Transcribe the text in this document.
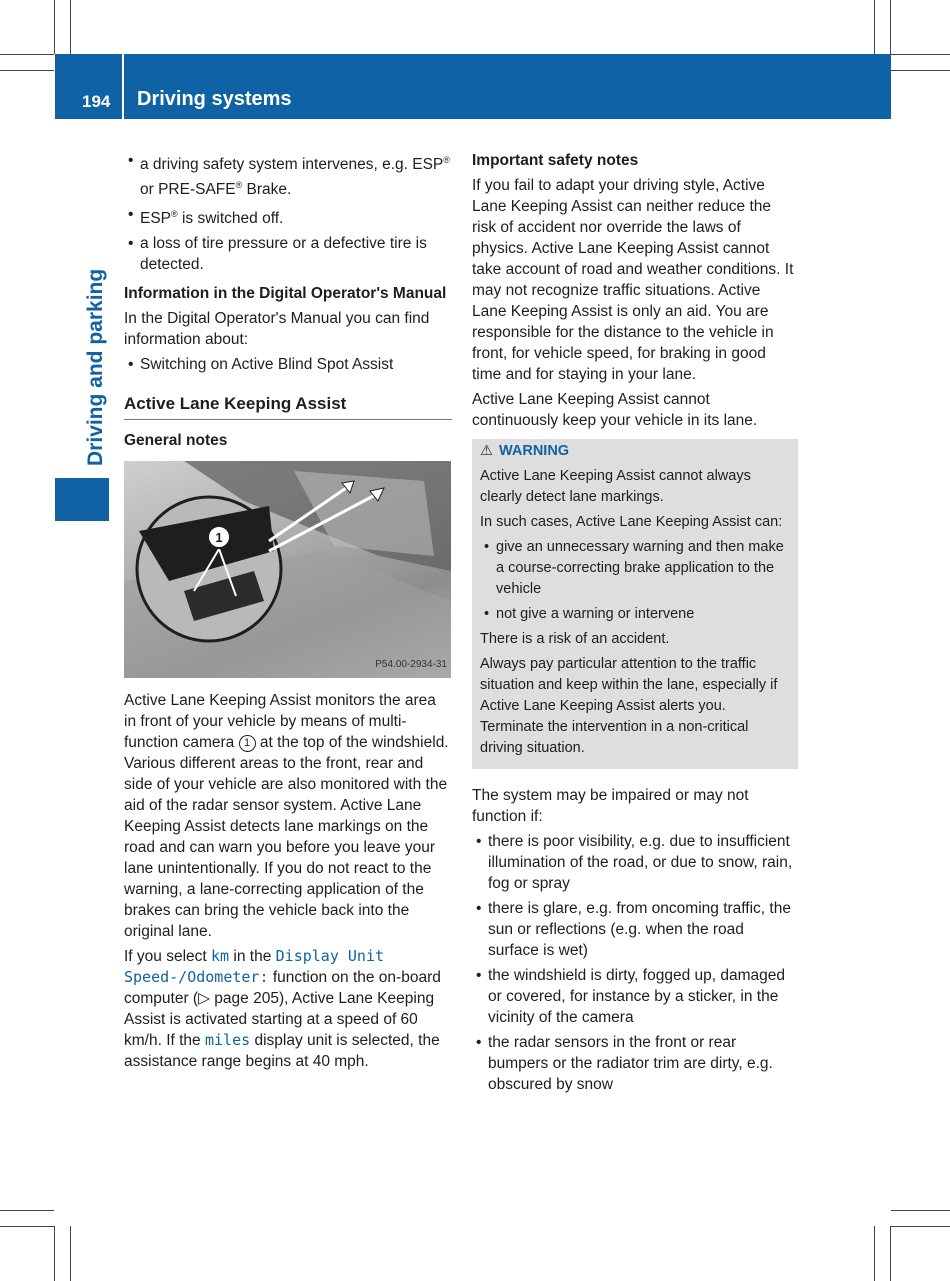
194 Driving systems
Driving and parking
• a driving safety system intervenes, e.g. ESP® or PRE-SAFE® Brake.
• ESP® is switched off.
• a loss of tire pressure or a defective tire is detected.
Information in the Digital Operator's Manual

In the Digital Operator's Manual you can find information about:

• Switching on Active Blind Spot Assist
Active Lane Keeping Assist
General notes
1
P54.00-2934-31

Active Lane Keeping Assist monitors the area in front of your vehicle by means of multi-function camera 1 at the top of the windshield. Various different areas to the front, rear and side of your vehicle are also monitored with the aid of the radar sensor system. Active Lane Keeping Assist detects lane markings on the road and can warn you before you leave your lane unintentionally. If you do not react to the warning, a lane-correcting application of the brakes can bring the vehicle back into the original lane.

If you select km in the Display Unit Speed-/Odometer: function on the on-board computer (▷ page 205), Active Lane Keeping Assist is activated starting at a speed of 60 km/h. If the miles display unit is selected, the assistance range begins at 40 mph.

Important safety notes

If you fail to adapt your driving style, Active Lane Keeping Assist can neither reduce the risk of accident nor override the laws of physics. Active Lane Keeping Assist cannot take account of road and weather conditions. It may not recognize traffic situations. Active Lane Keeping Assist is only an aid. You are responsible for the distance to the vehicle in front, for vehicle speed, for braking in good time and for staying in your lane.

Active Lane Keeping Assist cannot continuously keep your vehicle in its lane.

⚠ WARNING

Active Lane Keeping Assist cannot always clearly detect lane markings.

In such cases, Active Lane Keeping Assist can:

• give an unnecessary warning and then make a course-correcting brake application to the vehicle
• not give a warning or intervene

There is a risk of an accident.

Always pay particular attention to the traffic situation and keep within the lane, especially if Active Lane Keeping Assist alerts you. Terminate the intervention in a non-critical driving situation.

The system may be impaired or may not function if:

• there is poor visibility, e.g. due to insufficient illumination of the road, or due to snow, rain, fog or spray
• there is glare, e.g. from oncoming traffic, the sun or reflections (e.g. when the road surface is wet)
• the windshield is dirty, fogged up, damaged or covered, for instance by a sticker, in the vicinity of the camera
• the radar sensors in the front or rear bumpers or the radiator trim are dirty, e.g. obscured by snow
